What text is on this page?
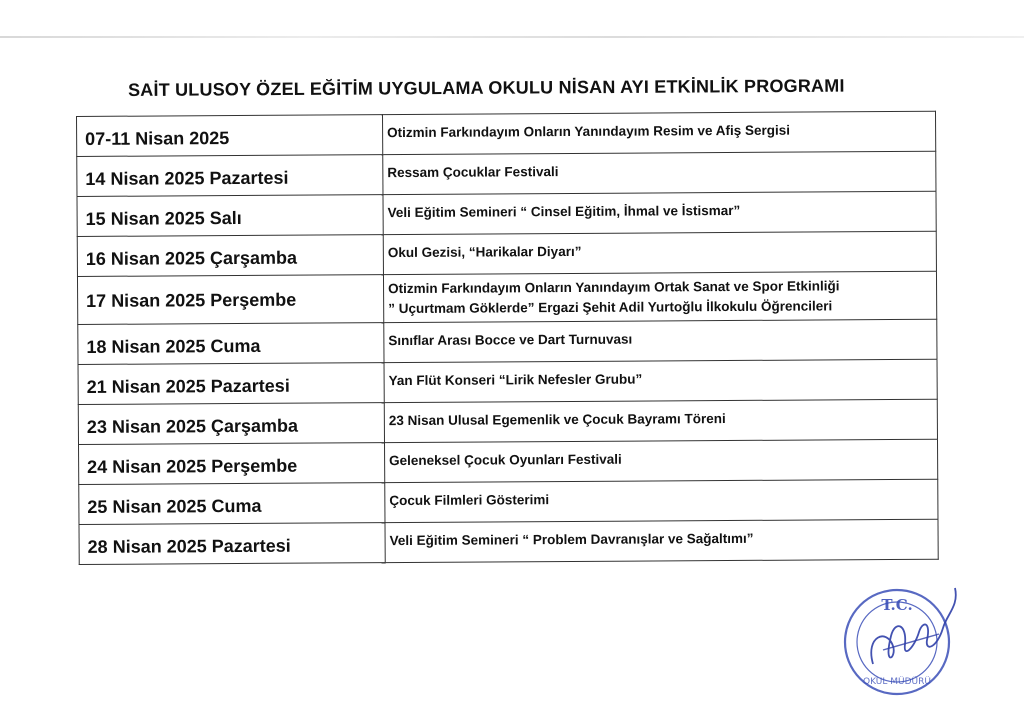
SAİT ULUSOY ÖZEL EĞİTİM UYGULAMA OKULU NİSAN AYI ETKİNLİK PROGRAMI
07-11 Nisan 2025	Otizmin Farkındayım Onların Yanındayım Resim ve Afiş Sergisi

14 Nisan 2025 Pazartesi	Ressam Çocuklar Festivali

15 Nisan 2025 Salı	Veli Eğitim Semineri “ Cinsel Eğitim, İhmal ve İstismar”

16 Nisan 2025 Çarşamba	Okul Gezisi, “Harikalar Diyarı”

17 Nisan 2025 Perşembe	Otizmin Farkındayım Onların Yanındayım Ortak Sanat ve Spor Etkinliği
” Uçurtmam Göklerde” Ergazi Şehit Adil Yurtoğlu İlkokulu Öğrencileri

18 Nisan 2025 Cuma	Sınıflar Arası Bocce ve Dart Turnuvası

21 Nisan 2025 Pazartesi	Yan Flüt Konseri “Lirik Nefesler Grubu”

23 Nisan 2025 Çarşamba	23 Nisan Ulusal Egemenlik ve Çocuk Bayramı Töreni

24 Nisan 2025 Perşembe	Geleneksel Çocuk Oyunları Festivali

25 Nisan 2025 Cuma	Çocuk Filmleri Gösterimi

28 Nisan 2025 Pazartesi	Veli Eğitim Semineri “ Problem Davranışlar ve Sağaltımı”
T.C.
OKUL MÜDÜRÜ
